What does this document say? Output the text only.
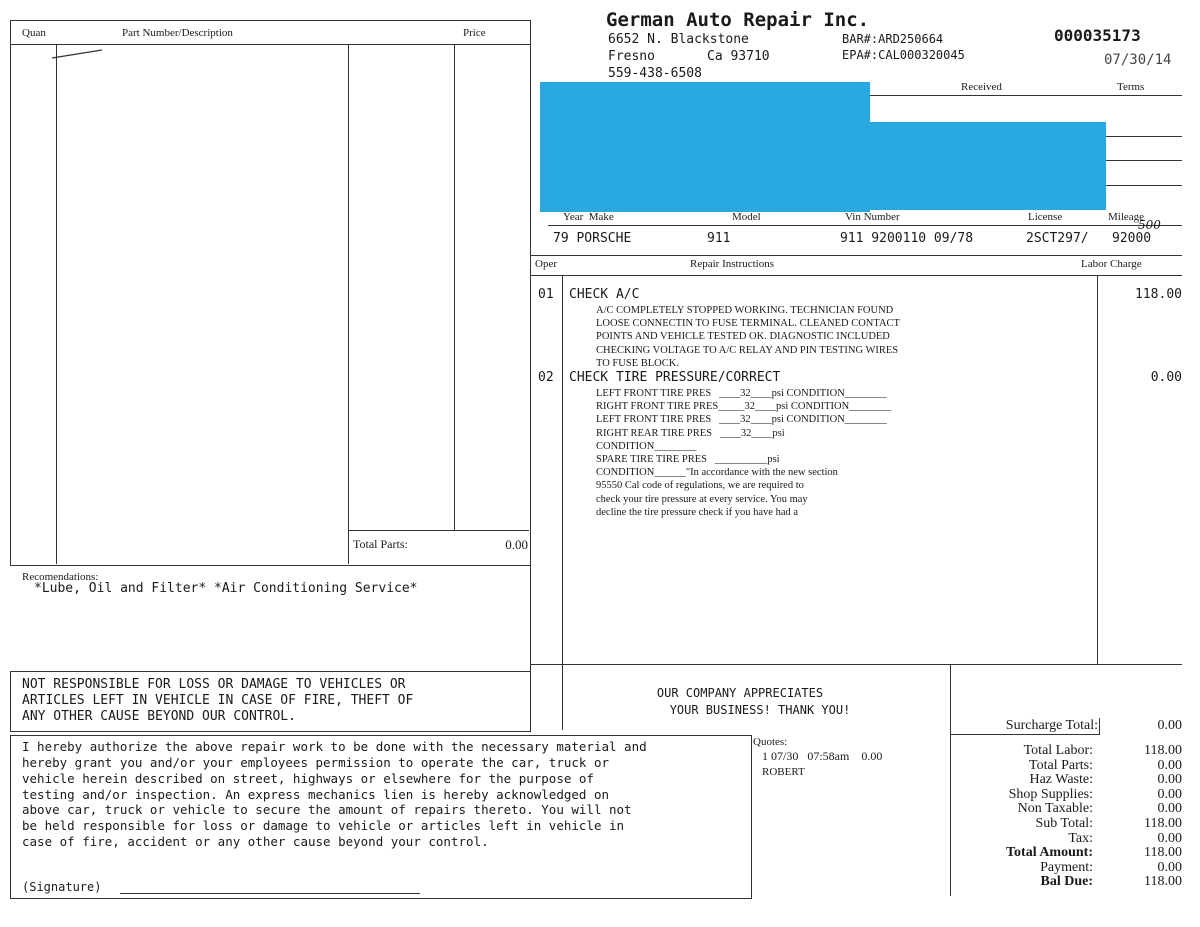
Quan	Part Number/Description	Price
Total Parts:	0.00
Recomendations:
*Lube, Oil and Filter* *Air Conditioning Service*
NOT RESPONSIBLE FOR LOSS OR DAMAGE TO VEHICLES OR
ARTICLES LEFT IN VEHICLE IN CASE OF FIRE, THEFT OF
ANY OTHER CAUSE BEYOND OUR CONTROL.
German Auto Repair Inc.
6652 N. Blackstone
Fresno	Ca 93710
559-438-6508
BAR#:ARD250664
EPA#:CAL000320045
000035173
07/30/14
Received	Terms
Year  Make	Model	Vin Number	License	Mileage
79 PORSCHE	911	911 9200110 09/78	2SCT297/ 92000
500
Oper	Repair Instructions	Labor Charge
01 CHECK A/C	118.00
A/C COMPLETELY STOPPED WORKING. TECHNICIAN FOUND
LOOSE CONNECTIN TO FUSE TERMINAL. CLEANED CONTACT
POINTS AND VEHICLE TESTED OK. DIAGNOSTIC INCLUDED
CHECKING VOLTAGE TO A/C RELAY AND PIN TESTING WIRES
TO FUSE BLOCK.
02 CHECK TIRE PRESSURE/CORRECT	0.00
LEFT FRONT TIRE PRES   ____32____psi CONDITION________
RIGHT FRONT TIRE PRES_____32____psi CONDITION________
LEFT FRONT TIRE PRES   ____32____psi CONDITION________
RIGHT REAR TIRE PRES   ____32____psi
CONDITION________
SPARE TIRE TIRE PRES   __________psi
CONDITION______"In accordance with the new section
95550 Cal code of regulations, we are required to
check your tire pressure at every service. You may
decline the tire pressure check if you have had a
OUR COMPANY APPRECIATES
YOUR BUSINESS! THANK YOU!
Surcharge Total:	0.00
I hereby authorize the above repair work to be done with the necessary material and
hereby grant you and/or your employees permission to operate the car, truck or
vehicle herein described on street, highways or elsewhere for the purpose of
testing and/or inspection. An express mechanics lien is hereby acknowledged on
above car, truck or vehicle to secure the amount of repairs thereto. You will not
be held responsible for loss or damage to vehicle or articles left in vehicle in
case of fire, accident or any other cause beyond your control.
(Signature)
Quotes:
1 07/30   07:58am    0.00
ROBERT
Total Labor:	118.00
Total Parts:	0.00
Haz Waste:	0.00
Shop Supplies:	0.00
Non Taxable:	0.00
Sub Total:	118.00
Tax:	0.00
Total Amount:	118.00
Payment:	0.00
Bal Due:	118.00
